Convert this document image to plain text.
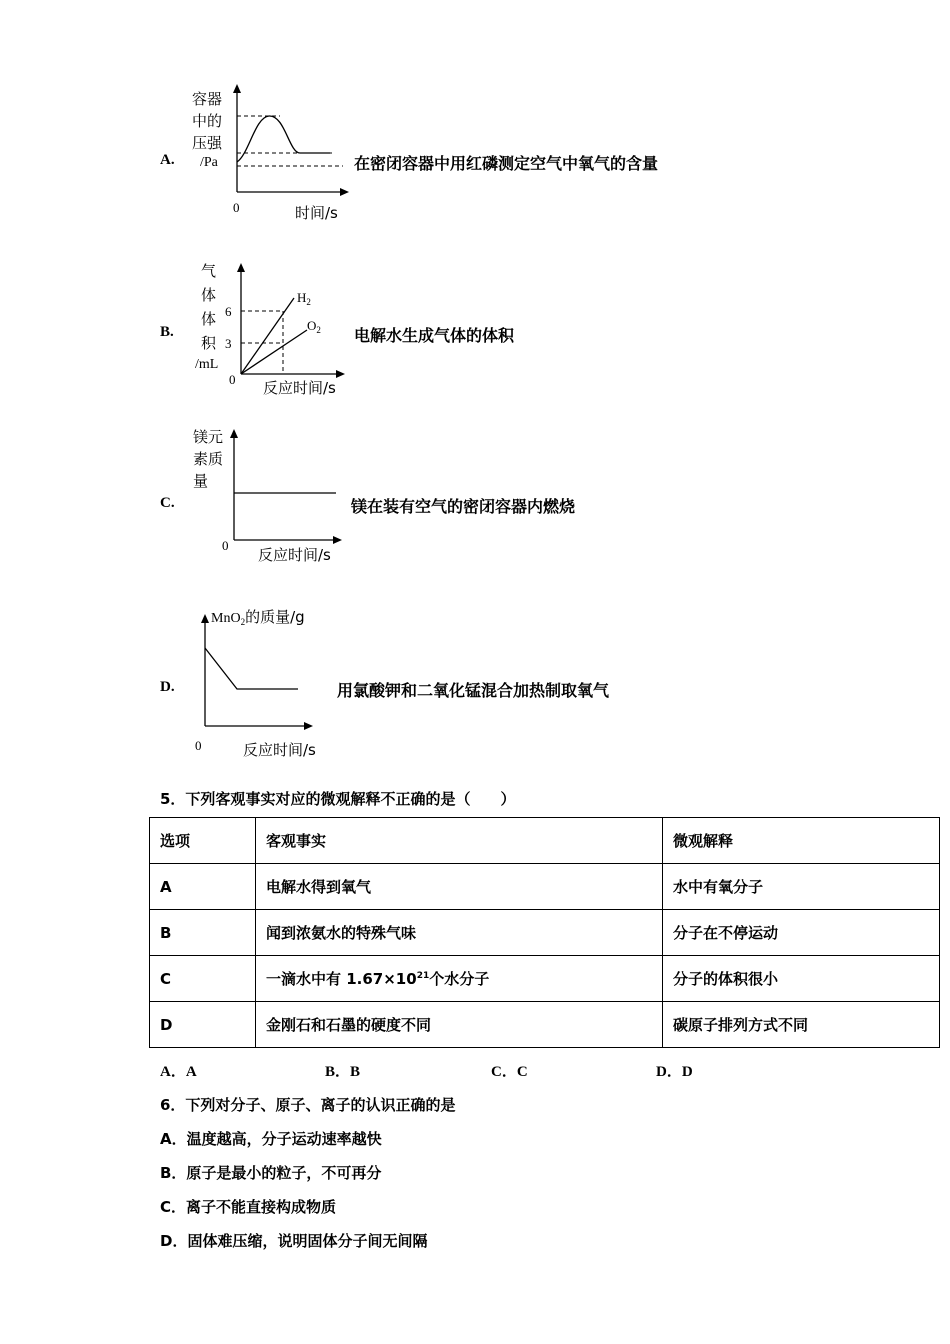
A.
容器
中的
压强
/Pa
0	时间/s
在密闭容器中用红磷测定空气中氧气的含量
B.
气
体
体
积
/mL
6
3
$H_2$
$O_2$
0 反应时间/s
电解水生成气体的体积
C.
镁元
素质
量
0
反应时间/s
镁在装有空气的密闭容器内燃烧
D.
MnO$_2$的质量/g
0	反应时间/s
用氯酸钾和二氧化锰混合加热制取氧气
5．下列客观事实对应的微观解释不正确的是（　　）
选项	客观事实	微观解释
A	电解水得到氧气	水中有氧分子
B	闻到浓氨水的特殊气味	分子在不停运动
C	一滴水中有 $1.67\times 10^{21}$个水分子	分子的体积很小
D	金刚石和石墨的硬度不同	碳原子排列方式不同
A．A	B．B	C．C	D．D
6．下列对分子、原子、离子的认识正确的是
A．温度越高，分子运动速率越快
B．原子是最小的粒子，不可再分
C．离子不能直接构成物质
D．固体难压缩，说明固体分子间无间隔
